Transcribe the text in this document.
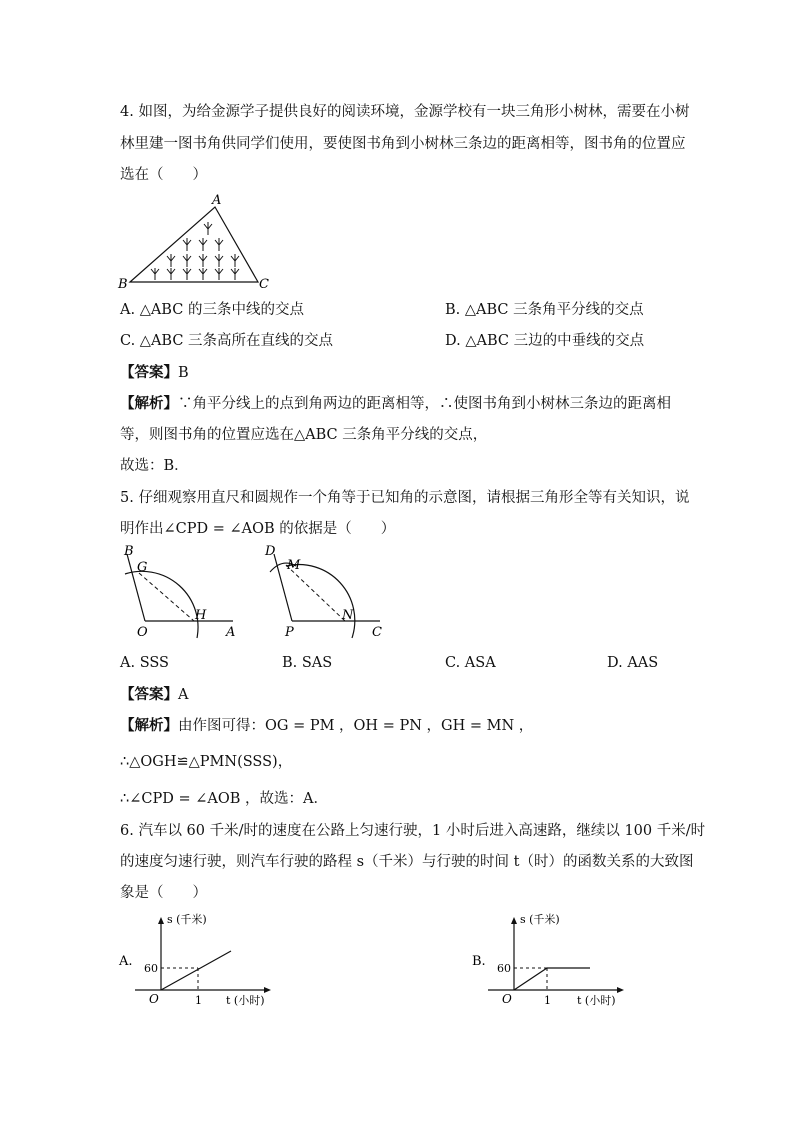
4. 如图，为给金源学子提供良好的阅读环境，金源学校有一块三角形小树林，需要在小树
林里建一图书角供同学们使用，要使图书角到小树林三条边的距离相等，图书角的位置应
选在（　　）
A
B	C
A. △ABC 的三条中线的交点	B. △ABC 三条角平分线的交点
C. △ABC 三条高所在直线的交点	D. △ABC 三边的中垂线的交点
【答案】B
【解析】∵角平分线上的点到角两边的距离相等，∴使图书角到小树林三条边的距离相
等，则图书角的位置应选在△ABC 三条角平分线的交点，
故选：B．
5. 仔细观察用直尺和圆规作一个角等于已知角的示意图，请根据三角形全等有关知识，说
明作出∠CPD = ∠AOB 的依据是（　　）
B
G
O
H
A
D
M
P
N
C
A. SSS	B. SAS	C. ASA	D. AAS
【答案】A
【解析】由作图可得：OG = PM ，OH = PN ，GH = MN ，
∴△OGH≌△PMN(SSS)，
∴∠CPD = ∠AOB ，故选：A．
6. 汽车以 60 千米/时的速度在公路上匀速行驶，1 小时后进入高速路，继续以 100 千米/时
的速度匀速行驶，则汽车行驶的路程 s（千米）与行驶的时间 t（时）的函数关系的大致图
象是（　　）
A.
s (千米)
t (小时)
60
1
O
B.
s (千米)
t (小时)
60
1
O
